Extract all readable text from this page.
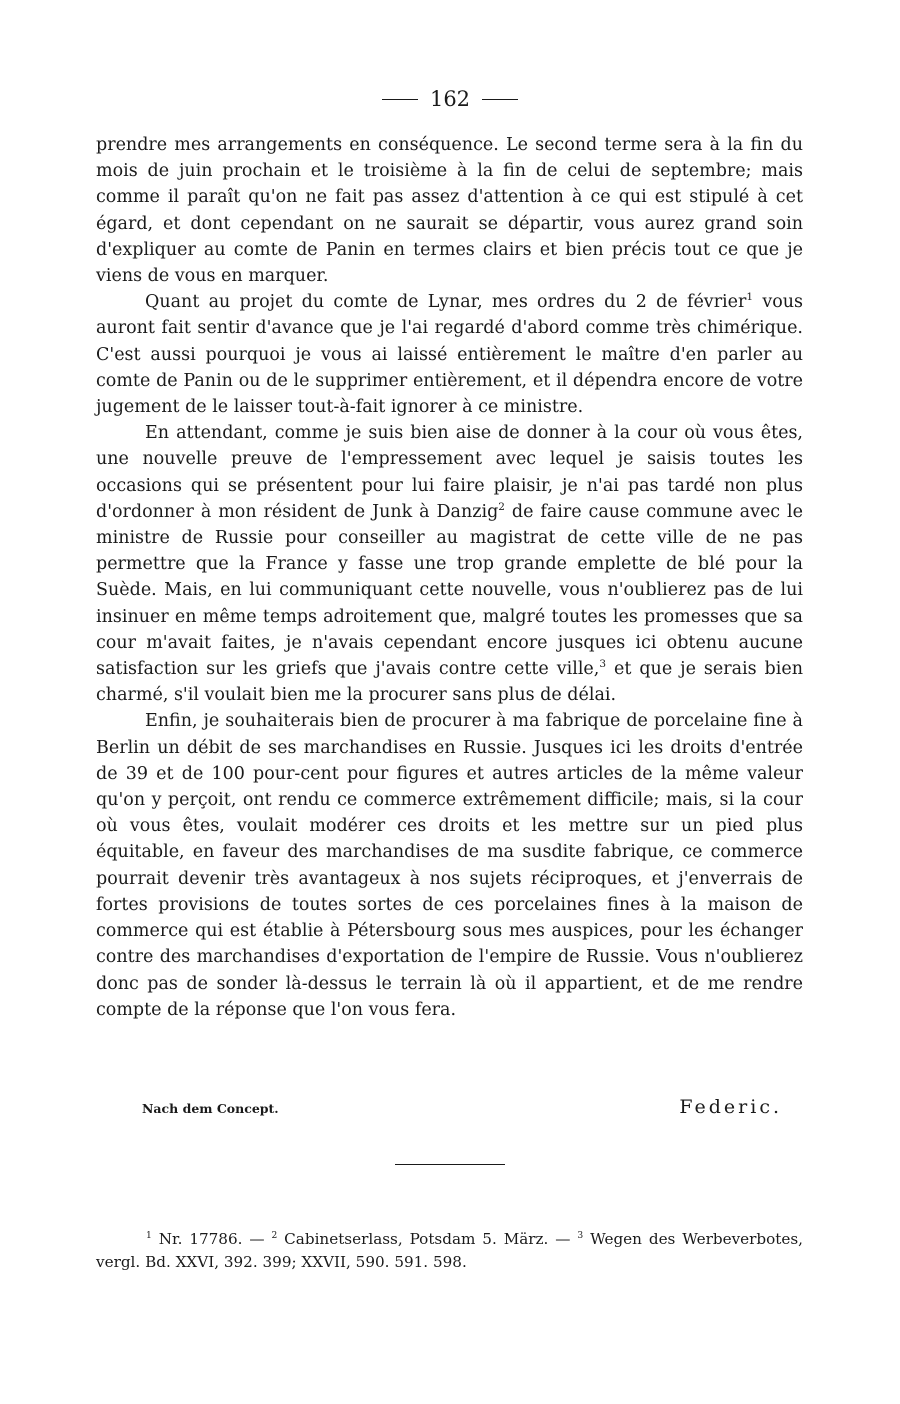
162

prendre mes arrangements en conséquence. Le second terme sera à la fin du mois de juin prochain et le troisième à la fin de celui de septembre; mais comme il paraît qu'on ne fait pas assez d'attention à ce qui est stipulé à cet égard, et dont cependant on ne saurait se départir, vous aurez grand soin d'expliquer au comte de Panin en termes clairs et bien précis tout ce que je viens de vous en marquer.

Quant au projet du comte de Lynar, mes ordres du 2 de février$^1$ vous auront fait sentir d'avance que je l'ai regardé d'abord comme très chimérique. C'est aussi pourquoi je vous ai laissé entièrement le maître d'en parler au comte de Panin ou de le supprimer entièrement, et il dépendra encore de votre jugement de le laisser tout-à-fait ignorer à ce ministre.

En attendant, comme je suis bien aise de donner à la cour où vous êtes, une nouvelle preuve de l'empressement avec lequel je saisis toutes les occasions qui se présentent pour lui faire plaisir, je n'ai pas tardé non plus d'ordonner à mon résident de Junk à Danzig$^2$ de faire cause commune avec le ministre de Russie pour conseiller au magistrat de cette ville de ne pas permettre que la France y fasse une trop grande emplette de blé pour la Suède. Mais, en lui communiquant cette nouvelle, vous n'oublierez pas de lui insinuer en même temps adroitement que, malgré toutes les promesses que sa cour m'avait faites, je n'avais cependant encore jusques ici obtenu aucune satisfaction sur les griefs que j'avais contre cette ville,$^3$ et que je serais bien charmé, s'il voulait bien me la procurer sans plus de délai.

Enfin, je souhaiterais bien de procurer à ma fabrique de porcelaine fine à Berlin un débit de ses marchandises en Russie. Jusques ici les droits d'entrée de 39 et de 100 pour-cent pour figures et autres articles de la même valeur qu'on y perçoit, ont rendu ce commerce extrêmement difficile; mais, si la cour où vous êtes, voulait modérer ces droits et les mettre sur un pied plus équitable, en faveur des marchandises de ma susdite fabrique, ce commerce pourrait devenir très avantageux à nos sujets réciproques, et j'enverrais de fortes provisions de toutes sortes de ces porcelaines fines à la maison de commerce qui est établie à Pétersbourg sous mes auspices, pour les échanger contre des marchandises d'exportation de l'empire de Russie. Vous n'oublierez donc pas de sonder là-dessus le terrain là où il appartient, et de me rendre compte de la réponse que l'on vous fera.

Nach dem Concept.	Federic.
$^1$ Nr. 17786. — $^2$ Cabinetserlass, Potsdam 5. März. — $^3$ Wegen des Werbeverbotes, vergl. Bd. XXVI, 392. 399; XXVII, 590. 591. 598.
